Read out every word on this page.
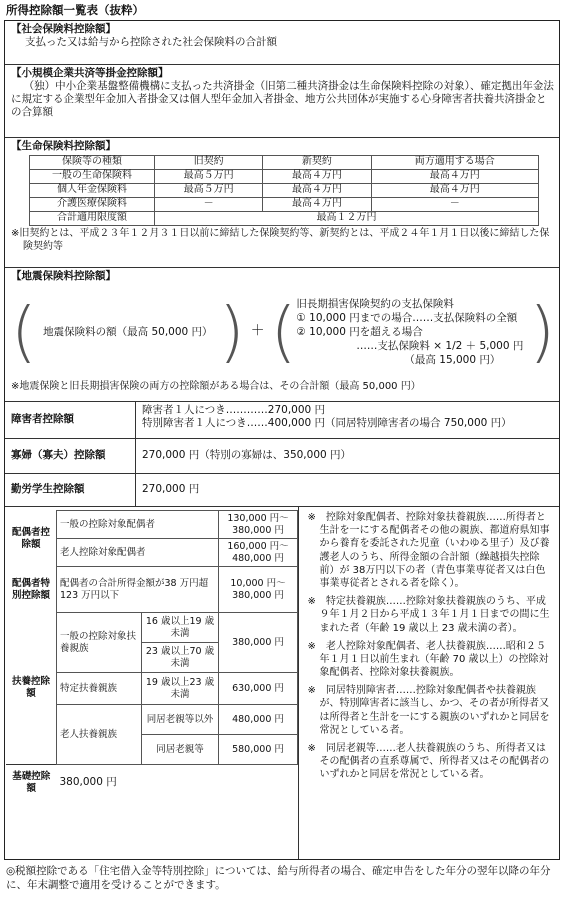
所得控除額一覧表（抜粋）
【社会保険料控除額】
支払った又は給与から控除された社会保険料の合計額
【小規模企業共済等掛金控除額】
（独）中小企業基盤整備機構に支払った共済掛金（旧第二種共済掛金は生命保険料控除の対象）、確定拠出年金法に規定する企業型年金加入者掛金又は個人型年金加入者掛金、地方公共団体が実施する心身障害者扶養共済掛金との合算額
【生命保険料控除額】
保険等の種類	旧契約	新契約	両方適用する場合
一般の生命保険料	最高５万円	最高４万円	最高４万円
個人年金保険料	最高５万円	最高４万円	最高４万円
介護医療保険料	－	最高４万円	－
合計適用限度額	最高１２万円		
※旧契約とは、平成２３年１２月３１日以前に締結した保険契約等、新契約とは、平成２４年１月１日以後に締結した保険契約等
【地震保険料控除額】
( 地震保険料の額（最高 50,000 円） ) ＋ ( 旧長期損害保険契約の支払保険料
① 10,000 円までの場合……支払保険料の全額
② 10,000 円を超える場合
……支払保険料 × 1/2 ＋ 5,000 円
（最高 15,000 円） )
※地震保険と旧長期損害保険の両方の控除額がある場合は、その合計額（最高 50,000 円）
障害者控除額
障害者１人につき…………270,000 円
特別障害者１人につき……400,000 円（同居特別障害者の場合 750,000 円）
寡婦（寡夫）控除額	270,000 円（特別の寡婦は、350,000 円）
勤労学生控除額	270,000 円
配偶者控除額	一般の控除対象配偶者		130,000 円～380,000 円
	老人控除対象配偶者		160,000 円～480,000 円
配偶者特別控除額	配偶者の合計所得金額が38 万円超 123 万円以下		10,000 円～380,000 円
扶養控除額	一般の控除対象扶養親族	16 歳以上19 歳未満	380,000 円
		23 歳以上70 歳未満	
	特定扶養親族	19 歳以上23 歳未満	630,000 円
	老人扶養親族	同居老親等以外	480,000 円
		同居老親等	580,000 円
基礎控除額	380,000 円		

※　控除対象配偶者、控除対象扶養親族……所得者と生計を一にする配偶者その他の親族、都道府県知事から養育を委託された児童（いわゆる里子）及び養護老人のうち、所得金額の合計額（繰越損失控除前）が 38万円以下の者（青色事業専従者又は白色事業専従者とされる者を除く）。

※　特定扶養親族……控除対象扶養親族のうち、平成９年１月２日から平成１３年１月１日までの間に生まれた者（年齢 19 歳以上 23 歳未満の者）。

※　老人控除対象配偶者、老人扶養親族……昭和２５年１月１日以前生まれ（年齢 70 歳以上）の控除対象配偶者、控除対象扶養親族。

※　同居特別障害者……控除対象配偶者や扶養親族が、特別障害者に該当し、かつ、その者が所得者又は所得者と生計を一にする親族のいずれかと同居を常況としている者。

※　同居老親等……老人扶養親族のうち、所得者又はその配偶者の直系尊属で、所得者又はその配偶者のいずれかと同居を常況としている者。

◎税額控除である「住宅借入金等特別控除」については、給与所得者の場合、確定申告をした年分の翌年以降の年分に、年末調整で適用を受けることができます。
